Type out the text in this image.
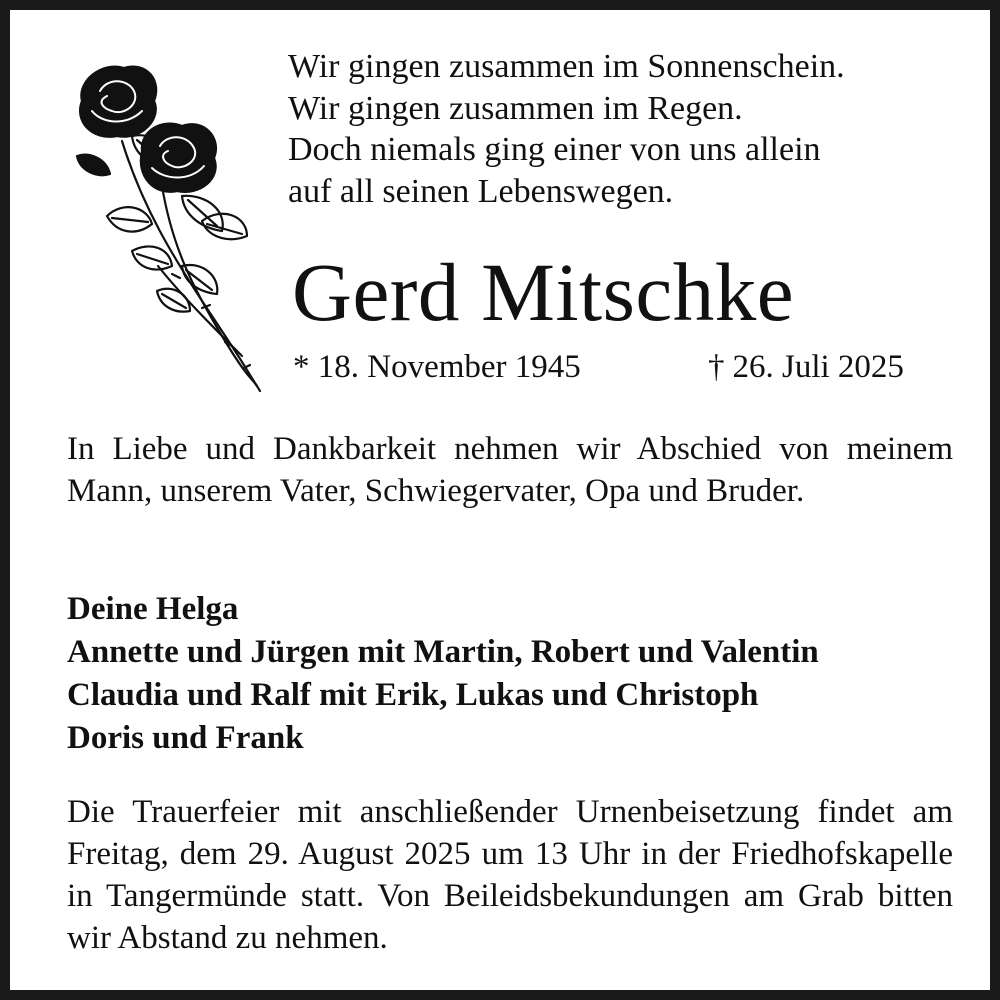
Wir gingen zusammen im Sonnenschein.
Wir gingen zusammen im Regen.
Doch niemals ging einer von uns allein
auf all seinen Lebenswegen.
Gerd Mitschke
* 18. November 1945	† 26. Juli 2025
In Liebe und Dankbarkeit nehmen wir Abschied von meinem Mann, unserem Vater, Schwiegervater, Opa und Bruder.
Deine Helga
Annette und Jürgen mit Martin, Robert und Valentin
Claudia und Ralf mit Erik, Lukas und Christoph
Doris und Frank
Die Trauerfeier mit anschließender Urnenbeisetzung findet am Freitag, dem 29. August 2025 um 13 Uhr in der Friedhofskapelle in Tangermünde statt. Von Beileidsbekundungen am Grab bitten wir Abstand zu nehmen.
